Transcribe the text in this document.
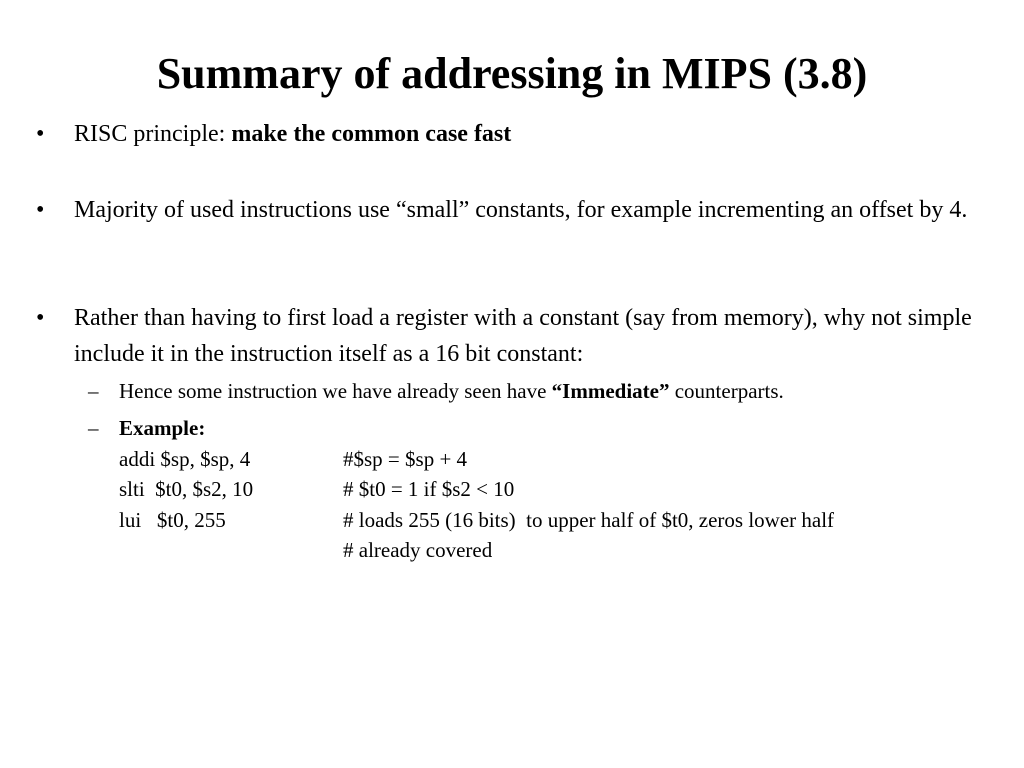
Summary of addressing in MIPS (3.8)
• RISC principle: make the common case fast
• Majority of used instructions use “small” constants, for example incrementing an offset by 4.
• Rather than having to first load a register with a constant (say from memory), why not simple include it in the instruction itself as a 16 bit constant:
– Hence some instruction we have already seen have “Immediate” counterparts.
– Example:
addi $sp, $sp, 4	#$sp = $sp + 4
slti  $t0, $s2, 10	# $t0 = 1 if $s2 < 10
lui   $t0, 255	# loads 255 (16 bits)  to upper half of $t0, zeros lower half
# already covered
